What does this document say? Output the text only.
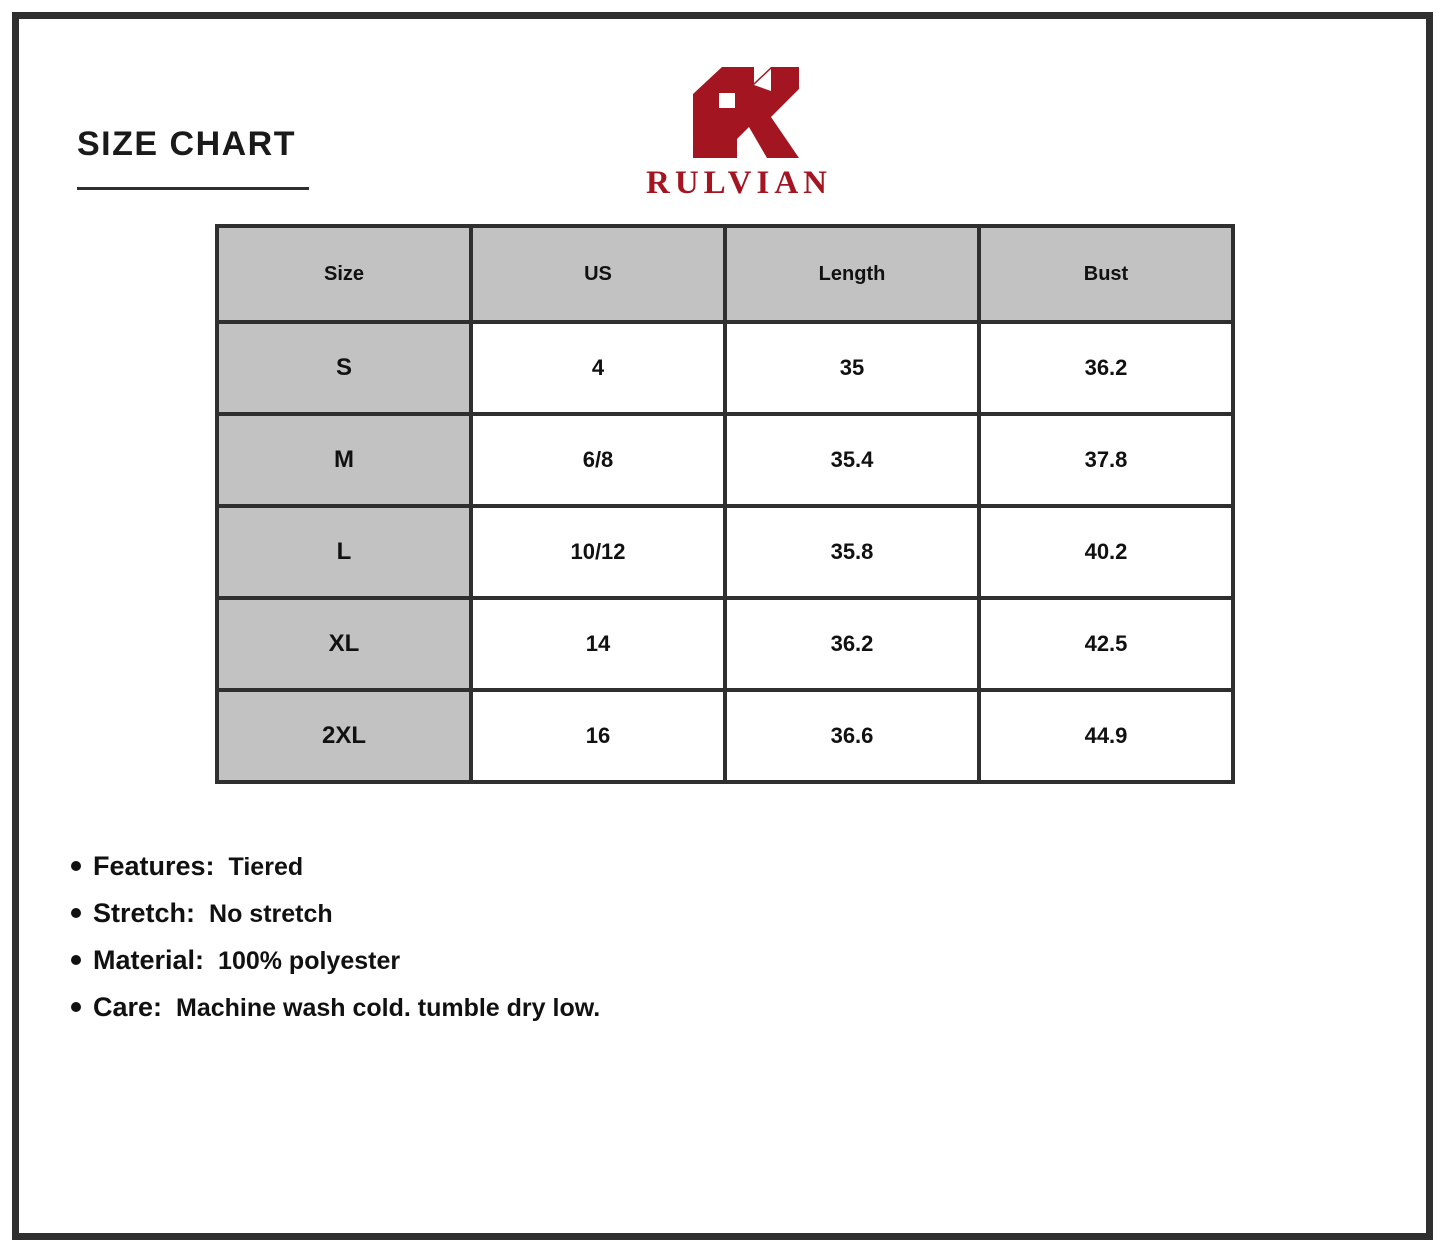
SIZE CHART
RULVIAN
Size	US	Length	Bust
S	4	35	36.2
M	6/8	35.4	37.8
L	10/12	35.8	40.2
XL	14	36.2	42.5
2XL	16	36.6	44.9
Features: Tiered
Stretch: No stretch
Material: 100% polyester
Care: Machine wash cold. tumble dry low.
